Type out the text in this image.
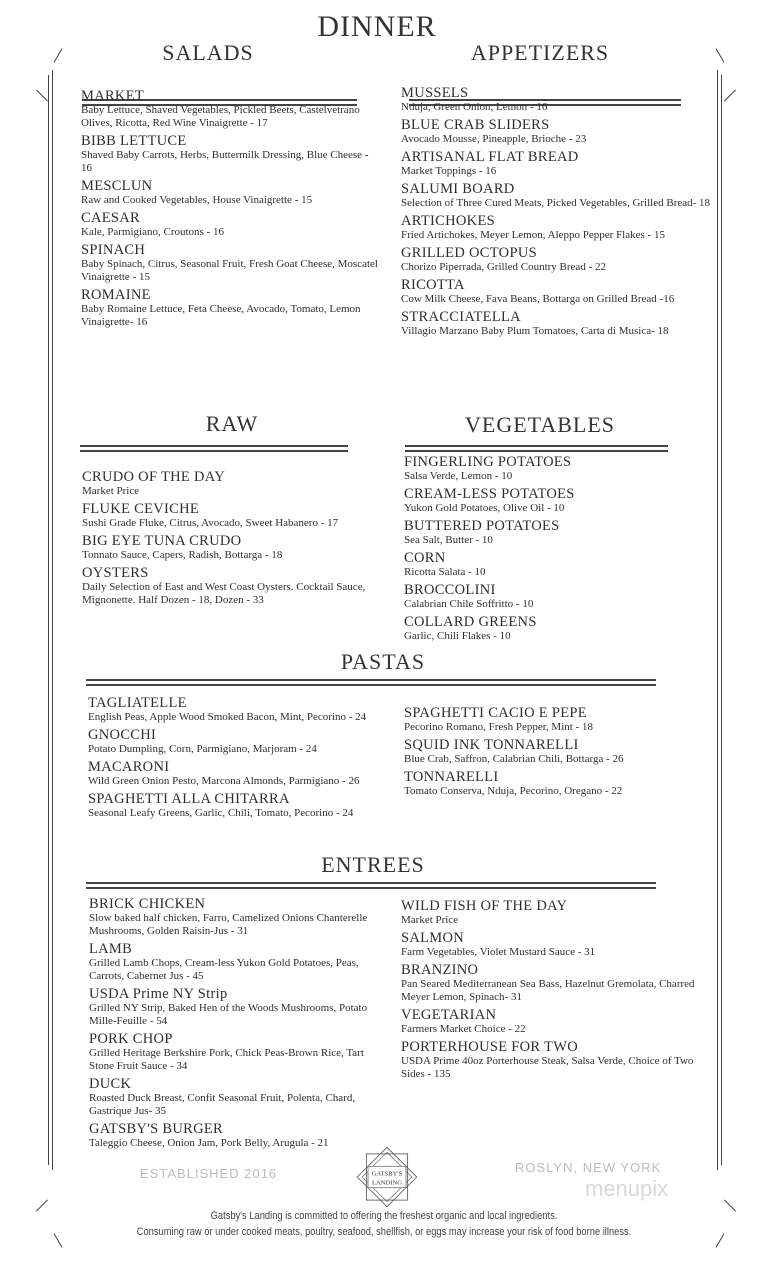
DINNER
SALADS	APPETIZERS
MARKET
Baby Lettuce, Shaved Vegetables, Pickled Beets, Castelvetrano Olives, Ricotta, Red Wine Vinaigrette - 17
BIBB LETTUCE
Shaved Baby Carrots, Herbs, Buttermilk Dressing, Blue Cheese - 16
MESCLUN
Raw and Cooked Vegetables, House Vinaigrette - 15
CAESAR
Kale, Parmigiano, Croutons - 16
SPINACH
Baby Spinach, Citrus, Seasonal Fruit, Fresh Goat Cheese, Moscatel Vinaigrette - 15
ROMAINE
Baby Romaine Lettuce, Feta Cheese, Avocado, Tomato, Lemon Vinaigrette- 16
MUSSELS
Nduja, Green Onion, Lemon - 16
BLUE CRAB SLIDERS
Avocado Mousse, Pineapple, Brioche - 23
ARTISANAL FLAT BREAD
Market Toppings - 16
SALUMI BOARD
Selection of Three Cured Meats, Picked Vegetables, Grilled Bread- 18
ARTICHOKES
Fried Artichokes, Meyer Lemon, Aleppo Pepper Flakes - 15
GRILLED OCTOPUS
Chorizo Piperrada, Grilled Country Bread - 22
RICOTTA
Cow Milk Cheese, Fava Beans, Bottarga on Grilled Bread -16
STRACCIATELLA
Villagio Marzano Baby Plum Tomatoes, Carta di Musica- 18
RAW	VEGETABLES
CRUDO OF THE DAY
Market Price
FLUKE CEVICHE
Sushi Grade Fluke, Citrus, Avocado, Sweet Habanero - 17
BIG EYE TUNA CRUDO
Tonnato Sauce, Capers, Radish, Bottarga - 18
OYSTERS
Daily Selection of East and West Coast Oysters. Cocktail Sauce, Mignonette. Half Dozen - 18, Dozen - 33
FINGERLING POTATOES
Salsa Verde, Lemon - 10
CREAM-LESS POTATOES
Yukon Gold Potatoes, Olive Oil - 10
BUTTERED POTATOES
Sea Salt, Butter - 10
CORN
Ricotta Salata - 10
BROCCOLINI
Calabrian Chile Soffritto - 10
COLLARD GREENS
Garlic, Chili Flakes - 10
PASTAS
TAGLIATELLE
English Peas, Apple Wood Smoked Bacon, Mint, Pecorino - 24
GNOCCHI
Potato Dumpling, Corn, Parmigiano, Marjoram - 24
MACARONI
Wild Green Onion Pesto, Marcona Almonds, Parmigiano - 26
SPAGHETTI ALLA CHITARRA
Seasonal Leafy Greens, Garlic, Chili, Tomato, Pecorino - 24
SPAGHETTI CACIO E PEPE
Pecorino Romano, Fresh Pepper, Mint - 18
SQUID INK TONNARELLI
Blue Crab, Saffron, Calabrian Chili, Bottarga - 26
TONNARELLI
Tomato Conserva, Nduja, Pecorino, Oregano - 22
ENTREES
BRICK CHICKEN
Slow baked half chicken, Farro, Camelized Onions Chanterelle Mushrooms, Golden Raisin-Jus - 31
LAMB
Grilled Lamb Chops, Cream-less Yukon Gold Potatoes, Peas, Carrots, Cabernet Jus - 45
USDA Prime NY Strip
Grilled NY Strip, Baked Hen of the Woods Mushrooms, Potato Mille-Feuille - 54
PORK CHOP
Grilled Heritage Berkshire Pork, Chick Peas-Brown Rice, Tart Stone Fruit Sauce - 34
DUCK
Roasted Duck Breast, Confit Seasonal Fruit, Polenta, Chard, Gastrique Jus- 35
GATSBY'S BURGER
Taleggio Cheese, Onion Jam, Pork Belly, Arugula - 21
WILD FISH OF THE DAY
Market Price
SALMON
Farm Vegetables, Violet Mustard Sauce - 31
BRANZINO
Pan Seared Mediterranean Sea Bass, Hazelnut Gremolata, Charred Meyer Lemon, Spinach- 31
VEGETARIAN
Farmers Market Choice - 22
PORTERHOUSE FOR TWO
USDA Prime 40oz Porterhouse Steak, Salsa Verde, Choice of Two Sides - 135
ESTABLISHED 2016	ROSLYN, NEW YORK
menupix
GATSBY'S
LANDING
Gatsby's Landing is committed to offering the freshest organic and local ingredients.
Consuming raw or under cooked meats, poultry, seafood, shellfish, or eggs may increase your risk of food borne illness.
